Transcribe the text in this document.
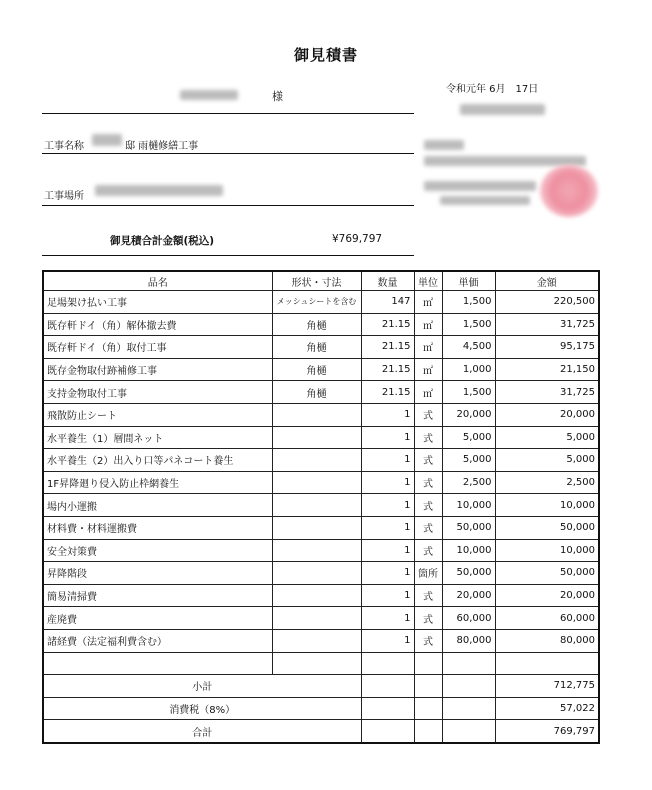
御見積書
様
工事名称	邸 雨樋修繕工事
工事場所
御見積合計金額(税込)	¥769,797
令和元年 6月　17日
品名	形状・寸法	数量	単位	単価	金額
足場架け払い工事	メッシュシートを含む	147	㎡	1,500	220,500
既存軒ドイ（角）解体撤去費	角樋	21.15	㎡	1,500	31,725
既存軒ドイ（角）取付工事	角樋	21.15	㎡	4,500	95,175
既存金物取付跡補修工事	角樋	21.15	㎡	1,000	21,150
支持金物取付工事	角樋	21.15	㎡	1,500	31,725
飛散防止シート		1	式	20,000	20,000
水平養生（1）層間ネット		1	式	5,000	5,000
水平養生（2）出入り口等パネコート養生		1	式	5,000	5,000
1F昇降廻り侵入防止枠網養生		1	式	2,500	2,500
場内小運搬		1	式	10,000	10,000
材料費・材料運搬費		1	式	50,000	50,000
安全対策費		1	式	10,000	10,000
昇降階段		1	箇所	50,000	50,000
簡易清掃費		1	式	20,000	20,000
産廃費		1	式	60,000	60,000
諸経費（法定福利費含む）		1	式	80,000	80,000

小計					712,775
消費税（8%）					57,022
合計					769,797
